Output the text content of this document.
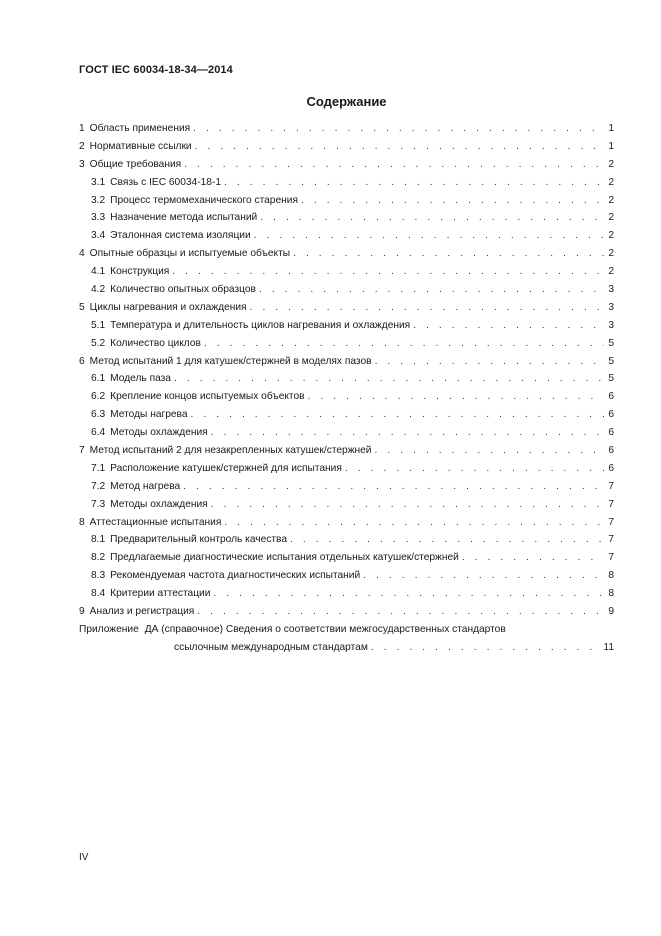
ГОСТ IEC 60034-18-34—2014
Содержание
1 Область применения . . .	1
2 Нормативные ссылки . . .	1
3 Общие требования . . .	2
3.1 Связь с IEC 60034-18-1 . . .	2
3.2 Процесс термомеханического старения . . .	2
3.3 Назначение метода испытаний . . .	2
3.4 Эталонная система изоляции . . .	2
4 Опытные образцы и испытуемые объекты . . .	2
4.1 Конструкция . . .	2
4.2 Количество опытных образцов . . .	3
5 Циклы нагревания и охлаждения . . .	3
5.1 Температура и длительность циклов нагревания и охлаждения . . .	3
5.2 Количество циклов . . .	5
6 Метод испытаний 1 для катушек/стержней в моделях пазов . . .	5
6.1 Модель паза . . .	5
6.2 Крепление концов испытуемых объектов . . .	6
6.3 Методы нагрева . . .	6
6.4 Методы охлаждения . . .	6
7 Метод испытаний 2 для незакрепленных катушек/стержней . . .	6
7.1 Расположение катушек/стержней для испытания . . .	6
7.2 Метод нагрева . . .	7
7.3 Методы охлаждения . . .	7
8 Аттестационные испытания . . .	7
8.1 Предварительный контроль качества . . .	7
8.2 Предлагаемые диагностические испытания отдельных катушек/стержней . . .	7
8.3 Рекомендуемая частота диагностических испытаний . . .	8
8.4 Критерии аттестации . . .	8
9 Анализ и регистрация . . .	9
Приложение ДА (справочное) Сведения о соответствии межгосударственных стандартов
ссылочным международным стандартам . . .	11
IV
